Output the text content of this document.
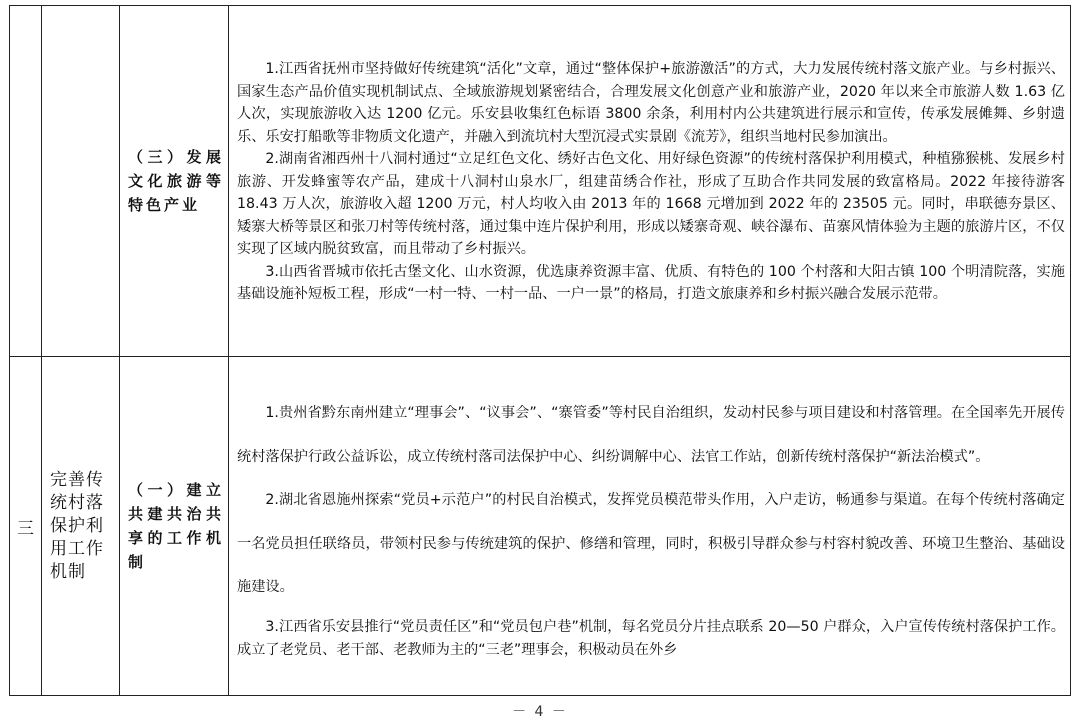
		（三）发展文化旅游等特色产业	1.江西省抚州市坚持做好传统建筑“活化”文章，通过“整体保护+旅游激活”的方式，大力发展传统村落文旅产业。与乡村振兴、国家生态产品价值实现机制试点、全域旅游规划紧密结合，合理发展文化创意产业和旅游产业，2020 年以来全市旅游人数 1.63 亿人次，实现旅游收入达 1200 亿元。乐安县收集红色标语 3800 余条，利用村内公共建筑进行展示和宣传，传承发展傩舞、乡射遗乐、乐安打船歌等非物质文化遗产，并融入到流坑村大型沉浸式实景剧《流芳》，组织当地村民参加演出。

2.湖南省湘西州十八洞村通过“立足红色文化、绣好古色文化、用好绿色资源”的传统村落保护利用模式，种植猕猴桃、发展乡村旅游、开发蜂蜜等农产品，建成十八洞村山泉水厂，组建苗绣合作社，形成了互助合作共同发展的致富格局。2022 年接待游客 18.43 万人次，旅游收入超 1200 万元，村人均收入由 2013 年的 1668 元增加到 2022 年的 23505 元。同时，串联德夯景区、矮寨大桥等景区和张刀村等传统村落，通过集中连片保护利用，形成以矮寨奇观、峡谷瀑布、苗寨风情体验为主题的旅游片区，不仅实现了区域内脱贫致富，而且带动了乡村振兴。

3.山西省晋城市依托古堡文化、山水资源，优选康养资源丰富、优质、有特色的 100 个村落和大阳古镇 100 个明清院落，实施基础设施补短板工程，形成“一村一特、一村一品、一户一景”的格局，打造文旅康养和乡村振兴融合发展示范带。

三	完善传统村落保护利用工作机制	（一）建立共建共治共享的工作机制	1.贵州省黔东南州建立“理事会”、“议事会”、“寨管委”等村民自治组织，发动村民参与项目建设和村落管理。在全国率先开展传统村落保护行政公益诉讼，成立传统村落司法保护中心、纠纷调解中心、法官工作站，创新传统村落保护“新法治模式”。

2.湖北省恩施州探索“党员+示范户”的村民自治模式，发挥党员模范带头作用，入户走访，畅通参与渠道。在每个传统村落确定一名党员担任联络员，带领村民参与传统建筑的保护、修缮和管理，同时，积极引导群众参与村容村貌改善、环境卫生整治、基础设施建设。

3.江西省乐安县推行“党员责任区”和“党员包户巷”机制，每名党员分片挂点联系 20—50 户群众，入户宣传传统村落保护工作。成立了老党员、老干部、老教师为主的“三老”理事会，积极动员在外乡

－ 4 －
